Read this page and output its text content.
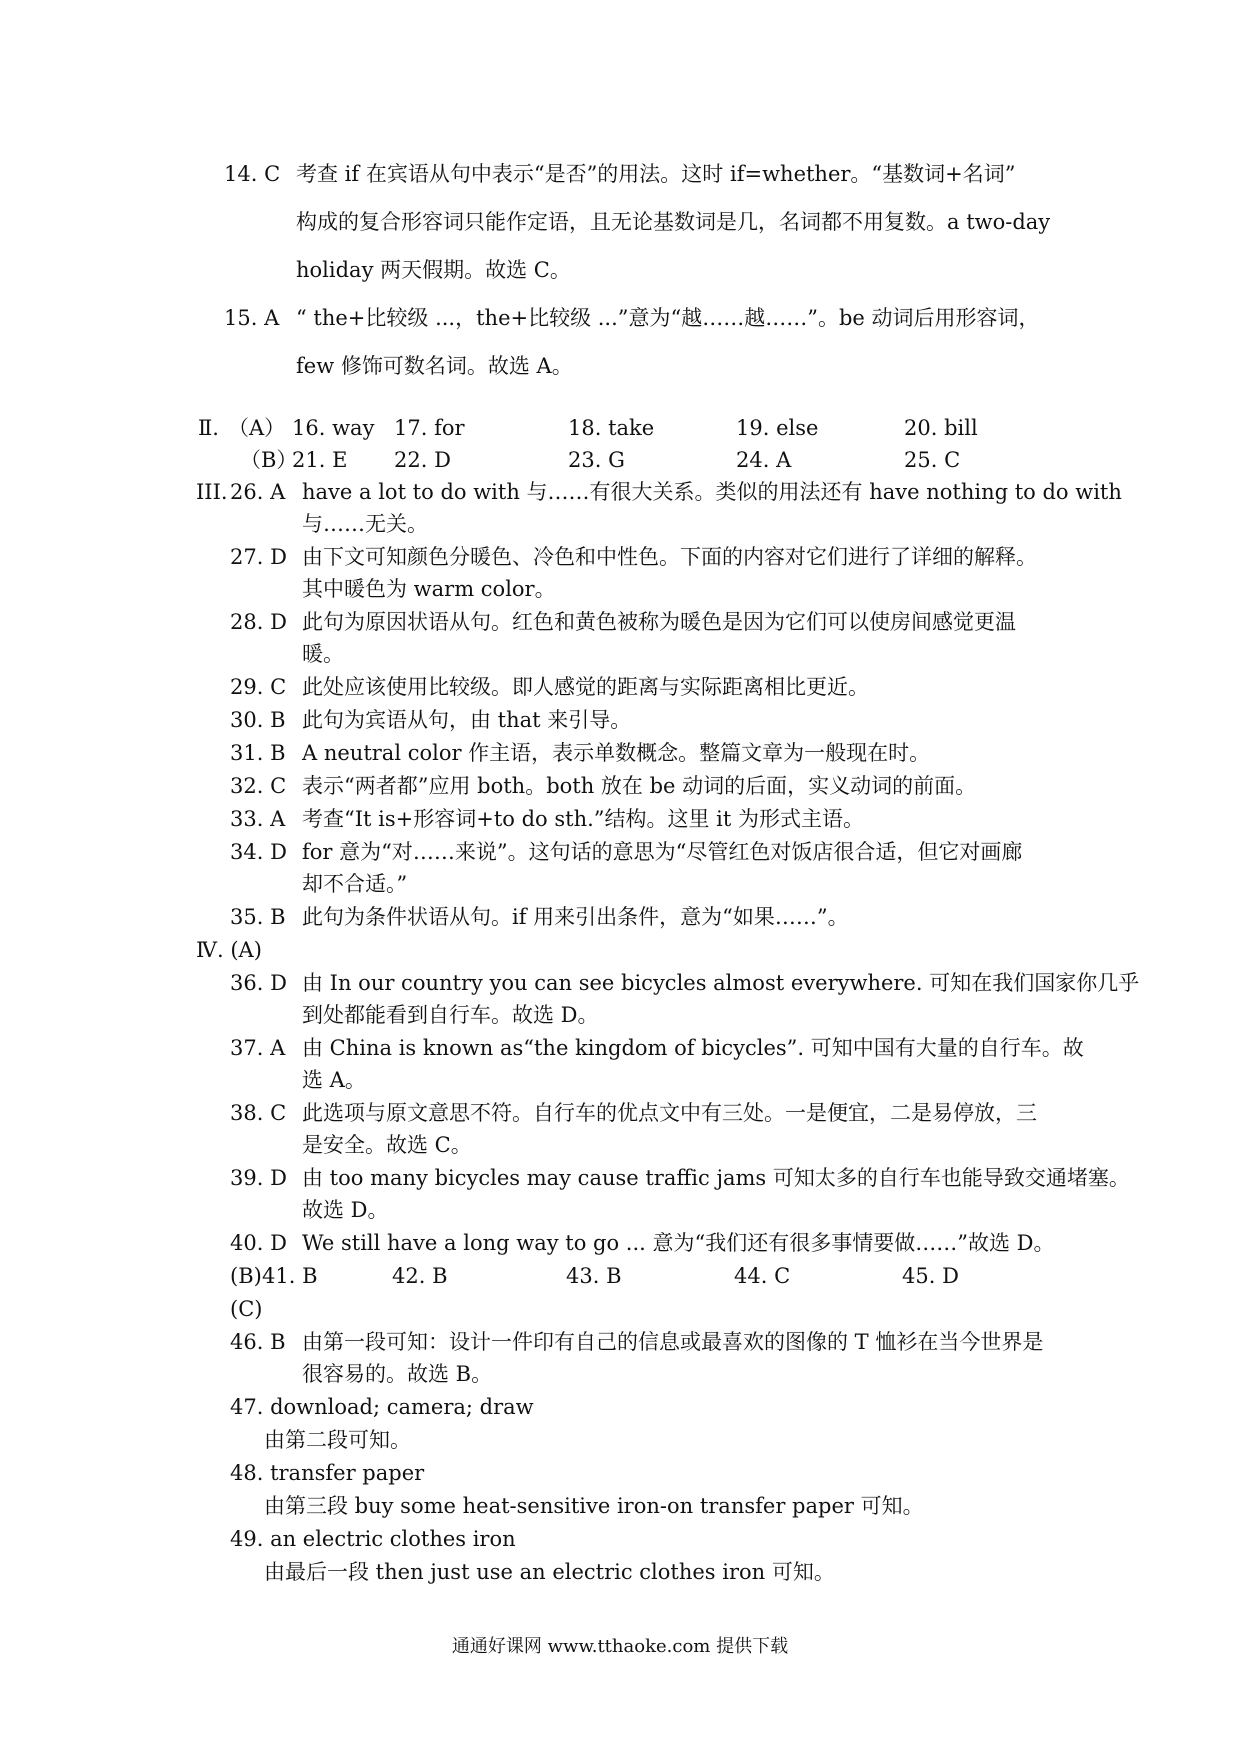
14. C 考查 if 在宾语从句中表示“是否”的用法。这时 if=whether。“基数词+名词”
构成的复合形容词只能作定语，且无论基数词是几，名词都不用复数。a two-day
holiday 两天假期。故选 C。
15. A “ the+比较级 ...，the+比较级 ...”意为“越……越……”。be 动词后用形容词，
few 修饰可数名词。故选 A。
Ⅱ. （A） 16. way 17. for	18. take	19. else	20. bill
（B）
21. E 22. D	23. G	24. A	25. C
III. 26. A have a lot to do with 与……有很大关系。类似的用法还有 have nothing to do with
与……无关。
27. D 由下文可知颜色分暖色、冷色和中性色。下面的内容对它们进行了详细的解释。
其中暖色为 warm color。
28. D 此句为原因状语从句。红色和黄色被称为暖色是因为它们可以使房间感觉更温
暖。
29. C 此处应该使用比较级。即人感觉的距离与实际距离相比更近。
30. B 此句为宾语从句，由 that 来引导。
31. B A neutral color 作主语，表示单数概念。整篇文章为一般现在时。
32. C 表示“两者都”应用 both。both 放在 be 动词的后面，实义动词的前面。
33. A 考查“It is+形容词+to do sth.”结构。这里 it 为形式主语。
34. D for 意为“对……来说”。这句话的意思为“尽管红色对饭店很合适，但它对画廊
却不合适。”
35. B 此句为条件状语从句。if 用来引出条件，意为“如果……”。
Ⅳ. (A)
36. D 由 In our country you can see bicycles almost everywhere. 可知在我们国家你几乎
到处都能看到自行车。故选 D。
37. A 由 China is known as“the kingdom of bicycles”. 可知中国有大量的自行车。故
选 A。
38. C 此选项与原文意思不符。自行车的优点文中有三处。一是便宜，二是易停放，三
是安全。故选 C。
39. D 由 too many bicycles may cause traffic jams 可知太多的自行车也能导致交通堵塞。
故选 D。
40. D We still have a long way to go ... 意为“我们还有很多事情要做……”故选 D。
(B) 41. B	42. B	43. B	44. C	45. D
(C)
46. B 由第一段可知：设计一件印有自己的信息或最喜欢的图像的 T 恤衫在当今世界是
很容易的。故选 B。
47. download; camera; draw
由第二段可知。
48. transfer paper
由第三段 buy some heat-sensitive iron-on transfer paper 可知。
49. an electric clothes iron
由最后一段 then just use an electric clothes iron 可知。
通通好课网 www.tthaoke.com 提供下载
